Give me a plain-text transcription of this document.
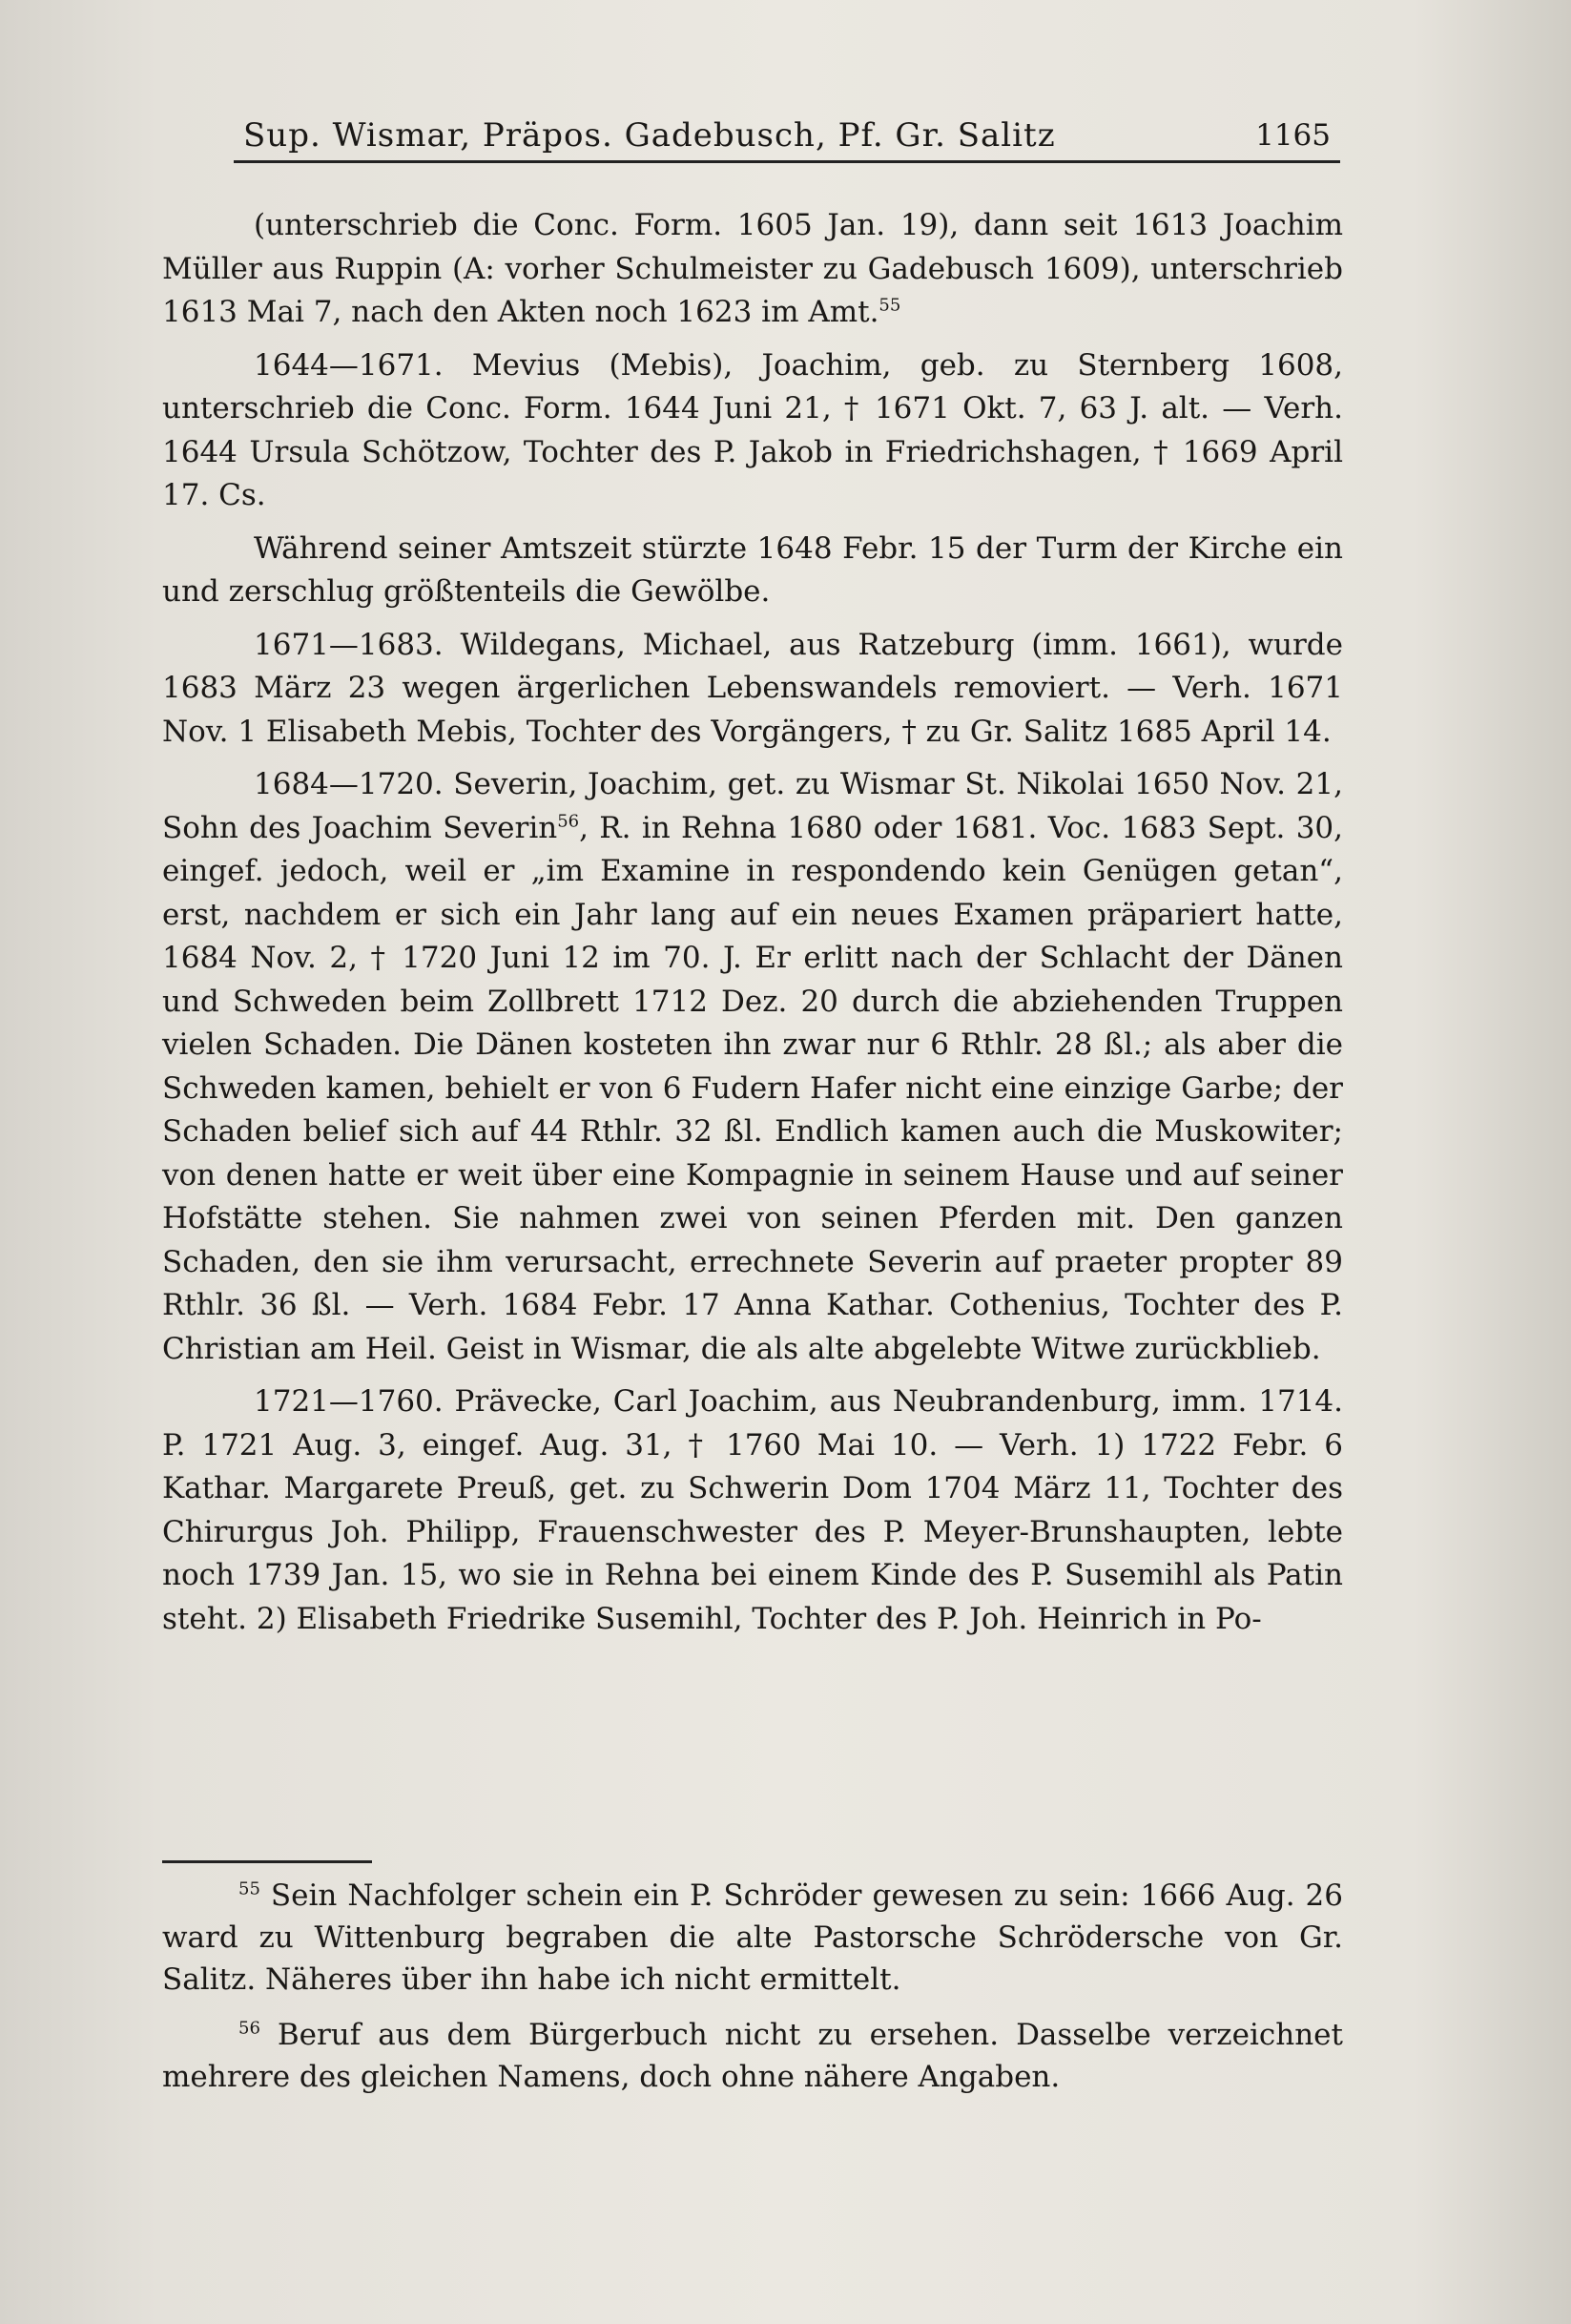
Sup. Wismar, Präpos. Gadebusch, Pf. Gr. Salitz	1165

(unterschrieb die Conc. Form. 1605 Jan. 19), dann seit 1613 Joachim Müller aus Ruppin (A: vorher Schulmeister zu Gadebusch 1609), unterschrieb 1613 Mai 7, nach den Akten noch 1623 im Amt.$^{55}$

1644—1671. Mevius (Mebis), Joachim, geb. zu Sternberg 1608, unterschrieb die Conc. Form. 1644 Juni 21, † 1671 Okt. 7, 63 J. alt. — Verh. 1644 Ursula Schötzow, Tochter des P. Jakob in Friedrichshagen, † 1669 April 17. Cs.

Während seiner Amtszeit stürzte 1648 Febr. 15 der Turm der Kirche ein und zerschlug größtenteils die Gewölbe.

1671—1683. Wildegans, Michael, aus Ratzeburg (imm. 1661), wurde 1683 März 23 wegen ärgerlichen Lebenswandels removiert. — Verh. 1671 Nov. 1 Elisabeth Mebis, Tochter des Vorgängers, † zu Gr. Salitz 1685 April 14.

1684—1720. Severin, Joachim, get. zu Wismar St. Nikolai 1650 Nov. 21, Sohn des Joachim Severin$^{56}$, R. in Rehna 1680 oder 1681. Voc. 1683 Sept. 30, eingef. jedoch, weil er „im Examine in respondendo kein Genügen getan“, erst, nachdem er sich ein Jahr lang auf ein neues Examen präpariert hatte, 1684 Nov. 2, † 1720 Juni 12 im 70. J. Er erlitt nach der Schlacht der Dänen und Schweden beim Zollbrett 1712 Dez. 20 durch die abziehenden Truppen vielen Schaden. Die Dänen kosteten ihn zwar nur 6 Rthlr. 28 ßl.; als aber die Schweden kamen, behielt er von 6 Fudern Hafer nicht eine einzige Garbe; der Schaden belief sich auf 44 Rthlr. 32 ßl. Endlich kamen auch die Muskowiter; von denen hatte er weit über eine Kompagnie in seinem Hause und auf seiner Hofstätte stehen. Sie nahmen zwei von seinen Pferden mit. Den ganzen Schaden, den sie ihm verursacht, errechnete Severin auf praeter propter 89 Rthlr. 36 ßl. — Verh. 1684 Febr. 17 Anna Kathar. Cothenius, Tochter des P. Christian am Heil. Geist in Wismar, die als alte abgelebte Witwe zurückblieb.

1721—1760. Prävecke, Carl Joachim, aus Neubrandenburg, imm. 1714. P. 1721 Aug. 3, eingef. Aug. 31, † 1760 Mai 10. — Verh. 1) 1722 Febr. 6 Kathar. Margarete Preuß, get. zu Schwerin Dom 1704 März 11, Tochter des Chirurgus Joh. Philipp, Frauenschwester des P. Meyer-Brunshaupten, lebte noch 1739 Jan. 15, wo sie in Rehna bei einem Kinde des P. Susemihl als Patin steht. 2) Elisabeth Friedrike Susemihl, Tochter des P. Joh. Heinrich in Po-

$^{55}$ Sein Nachfolger schein ein P. Schröder gewesen zu sein: 1666 Aug. 26 ward zu Wittenburg begraben die alte Pastorsche Schrödersche von Gr. Salitz. Näheres über ihn habe ich nicht ermittelt.

$^{56}$ Beruf aus dem Bürgerbuch nicht zu ersehen. Dasselbe verzeichnet mehrere des gleichen Namens, doch ohne nähere Angaben.
